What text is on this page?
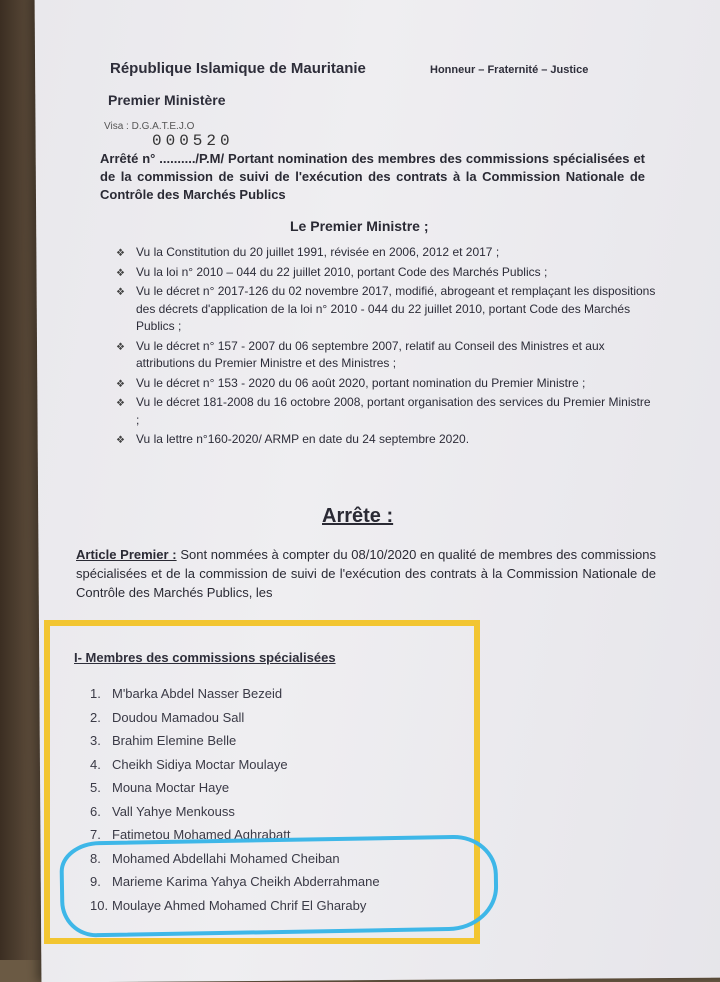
République Islamique de Mauritanie	Honneur – Fraternité – Justice
Premier Ministère
Visa : D.G.A.T.E.J.O
000520
Arrêté n° ........../P.M/ Portant nomination des membres des commissions spécialisées et de la commission de suivi de l'exécution des contrats à la Commission Nationale de Contrôle des Marchés Publics
Le Premier Ministre ;
❖ Vu la Constitution du 20 juillet 1991, révisée en 2006, 2012 et 2017 ;
❖ Vu la loi n° 2010 – 044 du 22 juillet 2010, portant Code des Marchés Publics ;
❖ Vu le décret n° 2017-126 du 02 novembre 2017, modifié, abrogeant et remplaçant les dispositions des décrets d'application de la loi n° 2010 - 044 du 22 juillet 2010, portant Code des Marchés Publics ;
❖ Vu le décret n° 157 - 2007 du 06 septembre 2007, relatif au Conseil des Ministres et aux attributions du Premier Ministre et des Ministres ;
❖ Vu le décret n° 153 - 2020 du 06 août 2020, portant nomination du Premier Ministre ;
❖ Vu le décret 181-2008 du 16 octobre 2008, portant organisation des services du Premier Ministre ;
❖ Vu la lettre n°160-2020/ ARMP en date du 24 septembre 2020.
Arrête :
Article Premier : Sont nommées à compter du 08/10/2020 en qualité de membres des commissions spécialisées et de la commission de suivi de l'exécution des contrats à la Commission Nationale de Contrôle des Marchés Publics, les
I- Membres des commissions spécialisées
1. M'barka Abdel Nasser Bezeid
2. Doudou Mamadou Sall
3. Brahim Elemine Belle
4. Cheikh Sidiya Moctar Moulaye
5. Mouna Moctar Haye
6. Vall Yahye Menkouss
7. Fatimetou Mohamed Aghrabatt
8. Mohamed Abdellahi Mohamed Cheiban
9. Marieme Karima Yahya Cheikh Abderrahmane
10. Moulaye Ahmed Mohamed Chrif El Gharaby
